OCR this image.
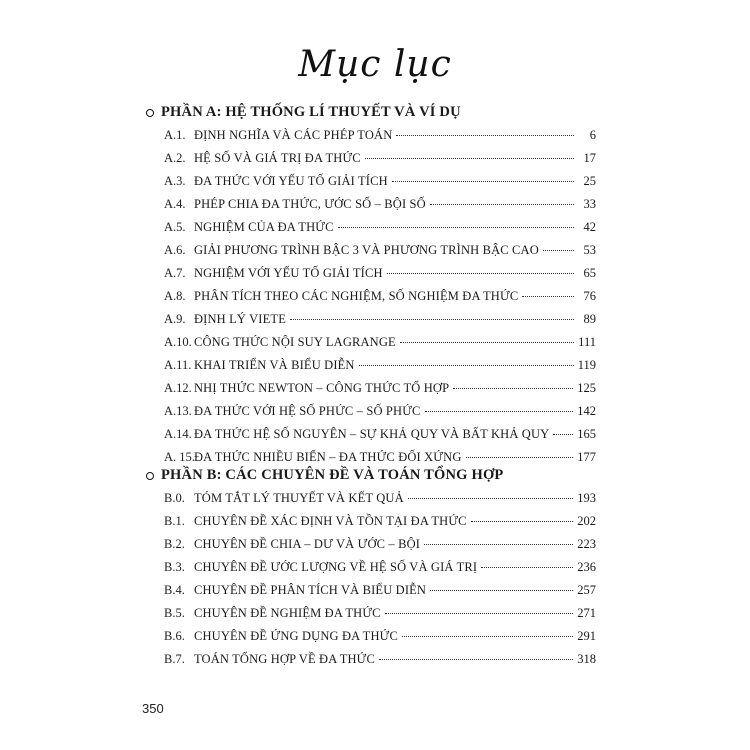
Mục lục
PHẦN A: HỆ THỐNG LÍ THUYẾT VÀ VÍ DỤ
A.1. ĐỊNH NGHĨA VÀ CÁC PHÉP TOÁN	6
A.2. HỆ SỐ VÀ GIÁ TRỊ ĐA THỨC	17
A.3. ĐA THỨC VỚI YẾU TỐ GIẢI TÍCH	25
A.4. PHÉP CHIA ĐA THỨC, ƯỚC SỐ – BỘI SỐ	33
A.5. NGHIỆM CỦA ĐA THỨC	42
A.6. GIẢI PHƯƠNG TRÌNH BẬC 3 VÀ PHƯƠNG TRÌNH BẬC CAO	53
A.7. NGHIỆM VỚI YẾU TỐ GIẢI TÍCH	65
A.8. PHÂN TÍCH THEO CÁC NGHIỆM, SỐ NGHIỆM ĐA THỨC	76
A.9. ĐỊNH LÝ VIETE	89
A.10. CÔNG THỨC NỘI SUY LAGRANGE	111
A.11. KHAI TRIỂN VÀ BIỂU DIỄN	119
A.12. NHỊ THỨC NEWTON – CÔNG THỨC TỔ HỢP	125
A.13. ĐA THỨC VỚI HỆ SỐ PHỨC – SỐ PHỨC	142
A.14. ĐA THỨC HỆ SỐ NGUYÊN – SỰ KHẢ QUY VÀ BẤT KHẢ QUY 165
A. 15. ĐA THỨC NHIỀU BIẾN – ĐA THỨC ĐỐI XỨNG	177
PHẦN B: CÁC CHUYÊN ĐỀ VÀ TOÁN TỔNG HỢP
B.0. TÓM TẮT LÝ THUYẾT VÀ KẾT QUẢ	193
B.1. CHUYÊN ĐỀ XÁC ĐỊNH VÀ TỒN TẠI ĐA THỨC	202
B.2. CHUYÊN ĐỀ CHIA – DƯ VÀ ƯỚC – BỘI	223
B.3. CHUYÊN ĐỀ ƯỚC LƯỢNG VỀ HỆ SỐ VÀ GIÁ TRỊ	236
B.4. CHUYÊN ĐỀ PHÂN TÍCH VÀ BIỂU DIỄN	257
B.5. CHUYÊN ĐỀ NGHIỆM ĐA THỨC	271
B.6. CHUYÊN ĐỀ ỨNG DỤNG ĐA THỨC	291
B.7. TOÁN TỔNG HỢP VỀ ĐA THỨC	318
350
